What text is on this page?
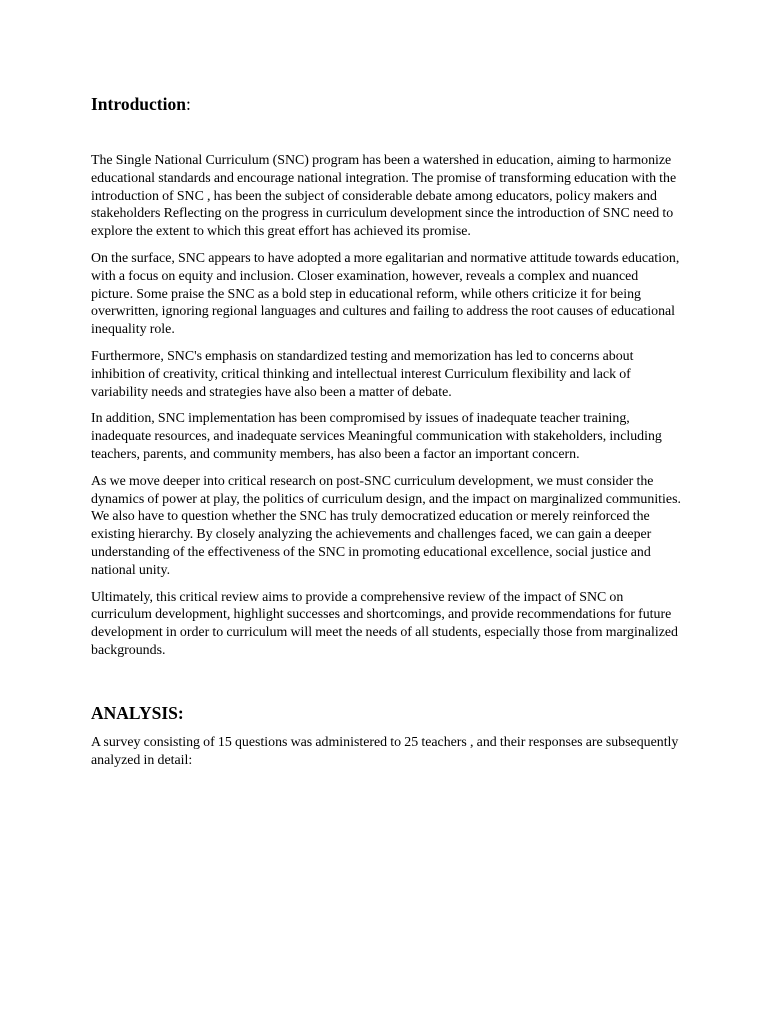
Introduction:

The Single National Curriculum (SNC) program has been a watershed in education, aiming to harmonize educational standards and encourage national integration. The promise of transforming education with the introduction of SNC , has been the subject of considerable debate among educators, policy makers and stakeholders Reflecting on the progress in curriculum development since the introduction of SNC need to explore the extent to which this great effort has achieved its promise.

On the surface, SNC appears to have adopted a more egalitarian and normative attitude towards education, with a focus on equity and inclusion. Closer examination, however, reveals a complex and nuanced picture. Some praise the SNC as a bold step in educational reform, while others criticize it for being overwritten, ignoring regional languages and cultures and failing to address the root causes of educational inequality role.

Furthermore, SNC's emphasis on standardized testing and memorization has led to concerns about inhibition of creativity, critical thinking and intellectual interest Curriculum flexibility and lack of variability needs and strategies have also been a matter of debate.

In addition, SNC implementation has been compromised by issues of inadequate teacher training, inadequate resources, and inadequate services Meaningful communication with stakeholders, including teachers, parents, and community members, has also been a factor an important concern.

As we move deeper into critical research on post-SNC curriculum development, we must consider the dynamics of power at play, the politics of curriculum design, and the impact on marginalized communities. We also have to question whether the SNC has truly democratized education or merely reinforced the existing hierarchy. By closely analyzing the achievements and challenges faced, we can gain a deeper understanding of the effectiveness of the SNC in promoting educational excellence, social justice and national unity.

Ultimately, this critical review aims to provide a comprehensive review of the impact of SNC on curriculum development, highlight successes and shortcomings, and provide recommendations for future development in order to curriculum will meet the needs of all students, especially those from marginalized backgrounds.

ANALYSIS:

A survey consisting of 15 questions was administered to 25 teachers , and their responses are subsequently analyzed in detail:
